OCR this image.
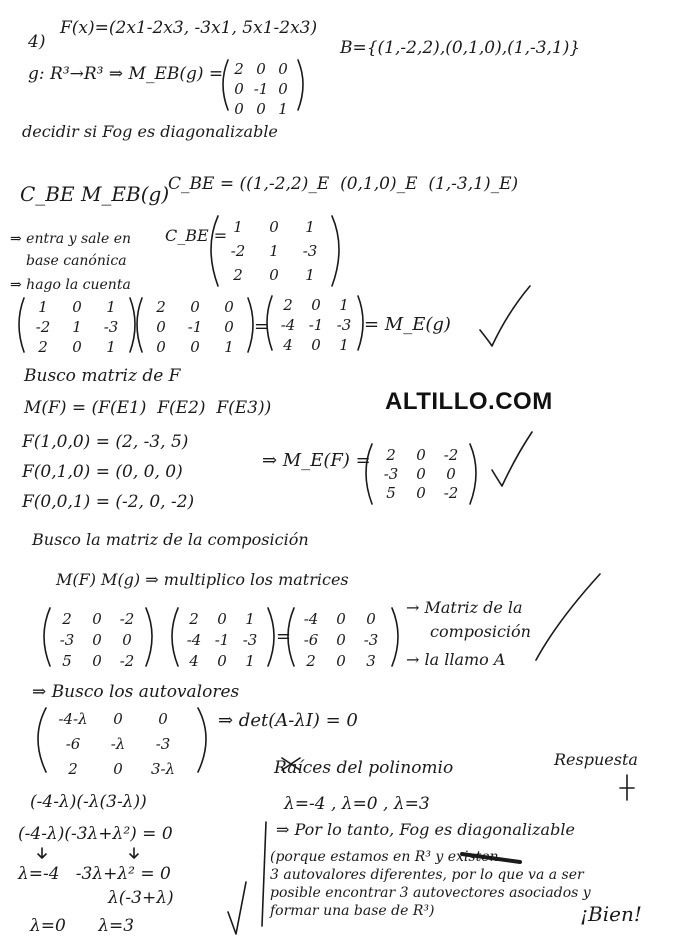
4)
F(x)=(2x1-2x3, -3x1, 5x1-2x3)
g: R³→R³ ⇒ M_EB(g) = 2 0 0
0 -1 0
0 0 1
B={(1,-2,2),(0,1,0),(1,-3,1)}
decidir si Fog es diagonalizable
C_BE M_EB(g)
C_BE = ((1,-2,2)_E  (0,1,0)_E  (1,-3,1)_E)
⇒ entra y sale en
base canónica
⇒ hago la cuenta
C_BE = 1	0	1
-2	1	-3
2	0	1
1	0	1
-2	1	-3
2	0	1
2	0	0
0	-1	0
0	0	1
=
2	0	1
-4 -1 -3
4	0	1
= M_E(g)
Busco matriz de F
M(F) = (F(E1)  F(E2)  F(E3))
F(1,0,0) = (2, -3, 5)
F(0,1,0) = (0, 0, 0)
F(0,0,1) = (-2, 0, -2)
⇒ M_E(F) =	2	0	-2
-3	0	0
5	0	-2
ALTILLO.COM
Busco la matriz de la composición
M(F) M(g) ⇒ multiplico los matrices
2	0	-2
-3	0	0
5	0	-2
2	0	1
-4 -1 -3
4	0	1
=
-4	0	0
-6	0	-3
2	0	3
→ Matriz de la
composición
→ la llamo A
⇒ Busco los autovalores
-4-λ	0	0
-6	-λ	-3
2	0	3-λ
⇒ det(A-λI) = 0
Raíces del polinomio	Respuesta
(-4-λ)(-λ(3-λ))
(-4-λ)(-3λ+λ²) = 0
λ=-4   -3λ+λ² = 0
λ(-3+λ)
λ=0      λ=3
λ=-4 , λ=0 , λ=3
⇒ Por lo tanto, Fog es diagonalizable
(porque estamos en R³ y existen
3 autovalores diferentes, por lo que va a ser
posible encontrar 3 autovectores asociados y
formar una base de R³)	¡Bien!
